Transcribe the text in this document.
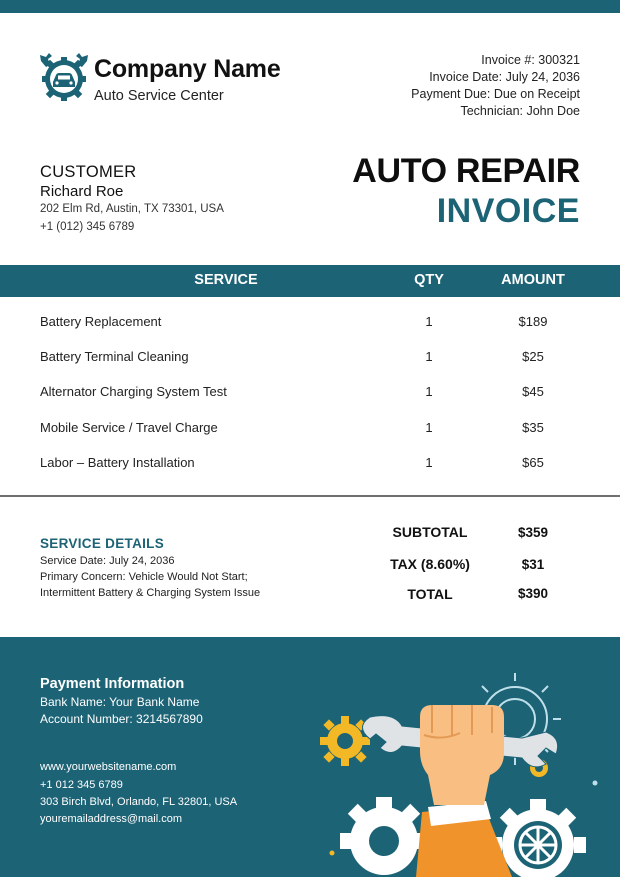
Company Name
Auto Service Center
Invoice #: 300321
Invoice Date: July 24, 2036
Payment Due: Due on Receipt
Technician: John Doe
CUSTOMER
Richard Roe
202 Elm Rd, Austin, TX 73301, USA
+1 (012) 345 6789
AUTO REPAIR
INVOICE
SERVICE	QTY	AMOUNT
Battery Replacement	1	$189
Battery Terminal Cleaning	1	$25
Alternator Charging System Test	1	$45
Mobile Service / Travel Charge	1	$35
Labor – Battery Installation	1	$65
SERVICE DETAILS
Service Date: July 24, 2036
Primary Concern: Vehicle Would Not Start;
Intermittent Battery & Charging System Issue
SUBTOTAL	$359
TAX (8.60%)	$31
TOTAL	$390
Payment Information
Bank Name: Your Bank Name
Account Number: 3214567890
www.yourwebsitename.com
+1 012 345 6789
303 Birch Blvd, Orlando, FL 32801, USA
youremailaddress@mail.com
